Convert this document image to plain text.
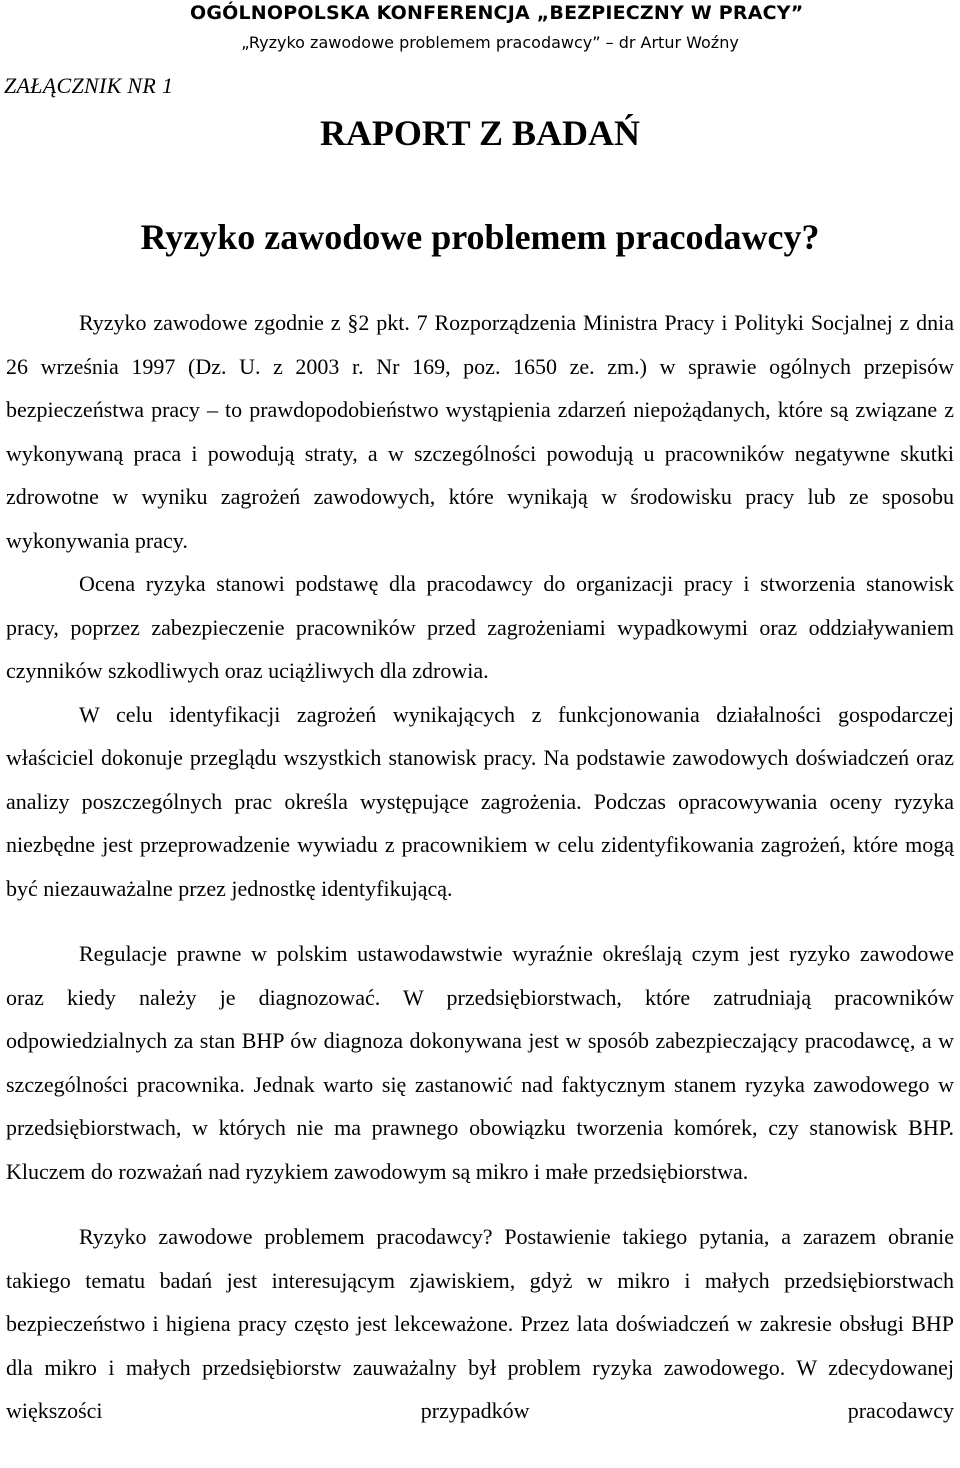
OGÓLNOPOLSKA KONFERENCJA „BEZPIECZNY W PRACY”
„Ryzyko zawodowe problemem pracodawcy” – dr Artur Woźny
ZAŁĄCZNIK NR 1
RAPORT Z BADAŃ
Ryzyko zawodowe problemem pracodawcy?

Ryzyko zawodowe zgodnie z §2 pkt. 7 Rozporządzenia Ministra Pracy i Polityki Socjalnej z dnia 26 września 1997 (Dz. U. z 2003 r. Nr 169, poz. 1650 ze. zm.) w sprawie ogólnych przepisów bezpieczeństwa pracy – to prawdopodobieństwo wystąpienia zdarzeń niepożądanych, które są związane z wykonywaną praca i powodują straty, a w szczególności powodują u pracowników negatywne skutki zdrowotne w wyniku zagrożeń zawodowych, które wynikają w środowisku pracy lub ze sposobu wykonywania pracy.

Ocena ryzyka stanowi podstawę dla pracodawcy do organizacji pracy i stworzenia stanowisk pracy, poprzez zabezpieczenie pracowników przed zagrożeniami wypadkowymi oraz oddziaływaniem czynników szkodliwych oraz uciążliwych dla zdrowia.

W celu identyfikacji zagrożeń wynikających z funkcjonowania działalności gospodarczej właściciel dokonuje przeglądu wszystkich stanowisk pracy. Na podstawie zawodowych doświadczeń oraz analizy poszczególnych prac określa występujące zagrożenia. Podczas opracowywania oceny ryzyka niezbędne jest przeprowadzenie wywiadu z pracownikiem w celu zidentyfikowania zagrożeń, które mogą być niezauważalne przez jednostkę identyfikującą.

Regulacje prawne w polskim ustawodawstwie wyraźnie określają czym jest ryzyko zawodowe oraz kiedy należy je diagnozować. W przedsiębiorstwach, które zatrudniają pracowników odpowiedzialnych za stan BHP ów diagnoza dokonywana jest w sposób zabezpieczający pracodawcę, a w szczególności pracownika. Jednak warto się zastanowić nad faktycznym stanem ryzyka zawodowego w przedsiębiorstwach, w których nie ma prawnego obowiązku tworzenia komórek, czy stanowisk BHP. Kluczem do rozważań nad ryzykiem zawodowym są mikro i małe przedsiębiorstwa.

Ryzyko zawodowe problemem pracodawcy? Postawienie takiego pytania, a zarazem obranie takiego tematu badań jest interesującym zjawiskiem, gdyż w mikro i małych przedsiębiorstwach bezpieczeństwo i higiena pracy często jest lekceważone. Przez lata doświadczeń w zakresie obsługi BHP dla mikro i małych przedsiębiorstw zauważalny był problem ryzyka zawodowego. W zdecydowanej większości przypadków pracodawcy
